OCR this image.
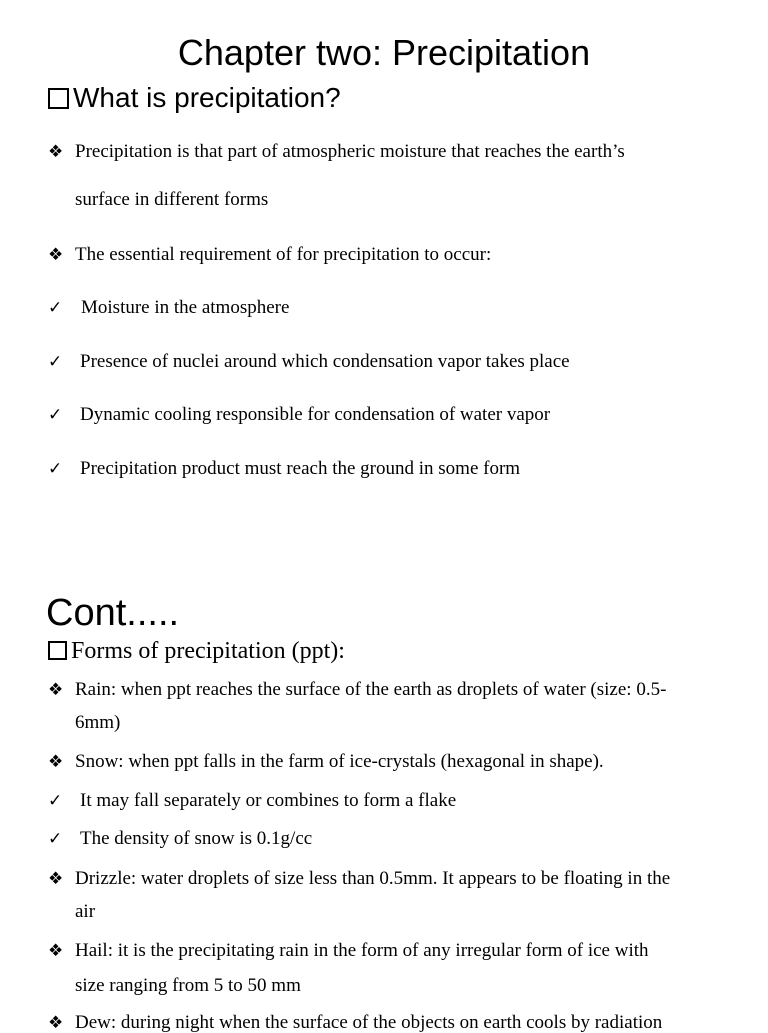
Chapter two: Precipitation
What is precipitation?
❖ Precipitation is that part of atmospheric moisture that reaches the earth’s
surface in different forms
❖ The essential requirement of for precipitation to occur:
✓ Moisture in the atmosphere
✓ Presence of nuclei around which condensation vapor takes place
✓ Dynamic cooling responsible for condensation of water vapor
✓ Precipitation product must reach the ground in some form
Cont.....
Forms of precipitation (ppt):
❖ Rain: when ppt reaches the surface of the earth as droplets of water (size: 0.5-
6mm)
❖ Snow: when ppt falls in the farm of ice-crystals (hexagonal in shape).
✓ It may fall separately or combines to form a flake
✓ The density of snow is 0.1g/cc
❖ Drizzle: water droplets of size less than 0.5mm. It appears to be floating in the
air
❖ Hail: it is the precipitating rain in the form of any irregular form of ice with
size ranging from 5 to 50 mm
❖ Dew: during night when the surface of the objects on earth cools by radiation
